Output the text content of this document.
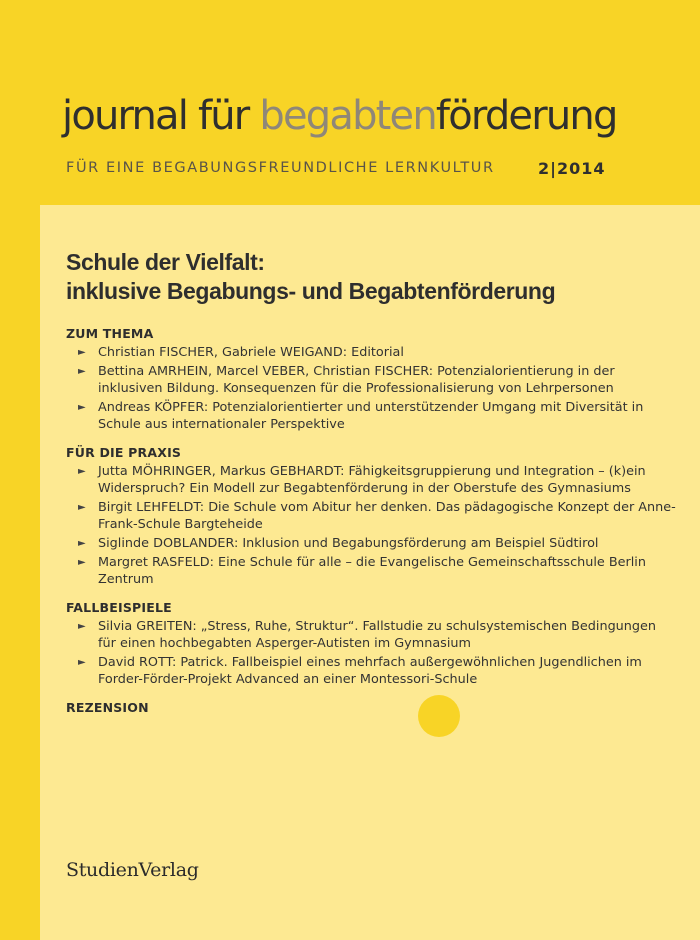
journal für begabtenförderung
FÜR EINE BEGABUNGSFREUNDLICHE LERNKULTUR	2|2014
Schule der Vielfalt:
inklusive Begabungs- und Begabtenförderung
ZUM THEMA
► Christian FISCHER, Gabriele WEIGAND: Editorial
► Bettina AMRHEIN, Marcel VEBER, Christian FISCHER: Potenzialorientierung in der inklusiven Bildung. Konsequenzen für die Professionalisierung von Lehrpersonen
► Andreas KÖPFER: Potenzialorientierter und unterstützender Umgang mit Diversität in Schule aus internationaler Perspektive
FÜR DIE PRAXIS
► Jutta MÖHRINGER, Markus GEBHARDT: Fähigkeitsgruppierung und Integration – (k)ein Widerspruch? Ein Modell zur Begabtenförderung in der Oberstufe des Gymnasiums
► Birgit LEHFELDT: Die Schule vom Abitur her denken. Das pädagogische Konzept der Anne-Frank-Schule Bargteheide
► Siglinde DOBLANDER: Inklusion und Begabungsförderung am Beispiel Südtirol
► Margret RASFELD: Eine Schule für alle – die Evangelische Gemeinschaftsschule Berlin Zentrum
FALLBEISPIELE
► Silvia GREITEN: „Stress, Ruhe, Struktur“. Fallstudie zu schulsystemischen Bedingungen für einen hochbegabten Asperger-Autisten im Gymnasium
► David ROTT: Patrick. Fallbeispiel eines mehrfach außergewöhnlichen Jugendlichen im Forder-Förder-Projekt Advanced an einer Montessori-Schule
REZENSION
StudienVerlag
